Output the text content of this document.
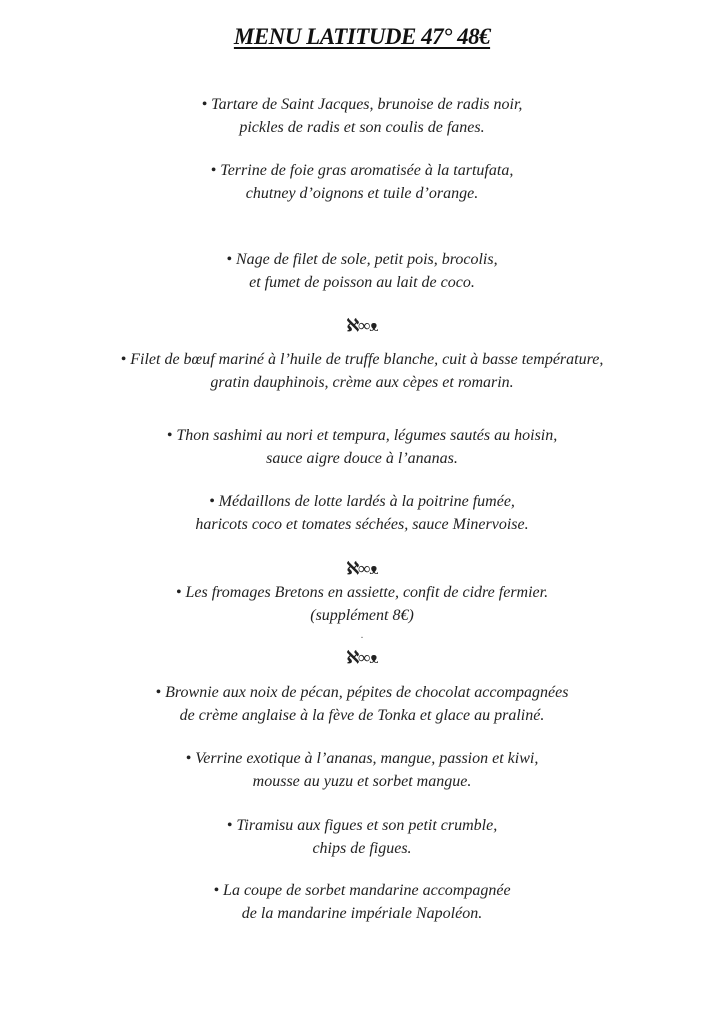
MENU LATITUDE 47° 48€
• Tartare de Saint Jacques, brunoise de radis noir,
pickles de radis et son coulis de fanes.
• Terrine de foie gras aromatisée à la tartufata,
chutney d’oignons et tuile d’orange.
• Nage de filet de sole, petit pois, brocolis,
et fumet de poisson au lait de coco.
ℵ∞ᴥ
• Filet de bœuf mariné à l’huile de truffe blanche, cuit à basse température,
gratin dauphinois, crème aux cèpes et romarin.
• Thon sashimi au nori et tempura, légumes sautés au hoisin,
sauce aigre douce à l’ananas.
• Médaillons de lotte lardés à la poitrine fumée,
haricots coco et tomates séchées, sauce Minervoise.
ℵ∞ᴥ
• Les fromages Bretons en assiette, confit de cidre fermier.
(supplément 8€)
.
ℵ∞ᴥ
• Brownie aux noix de pécan, pépites de chocolat accompagnées
de crème anglaise à la fève de Tonka et glace au praliné.
• Verrine exotique à l’ananas, mangue, passion et kiwi,
mousse au yuzu et sorbet mangue.
• Tiramisu aux figues et son petit crumble,
chips de figues.
• La coupe de sorbet mandarine accompagnée
de la mandarine impériale Napoléon.
